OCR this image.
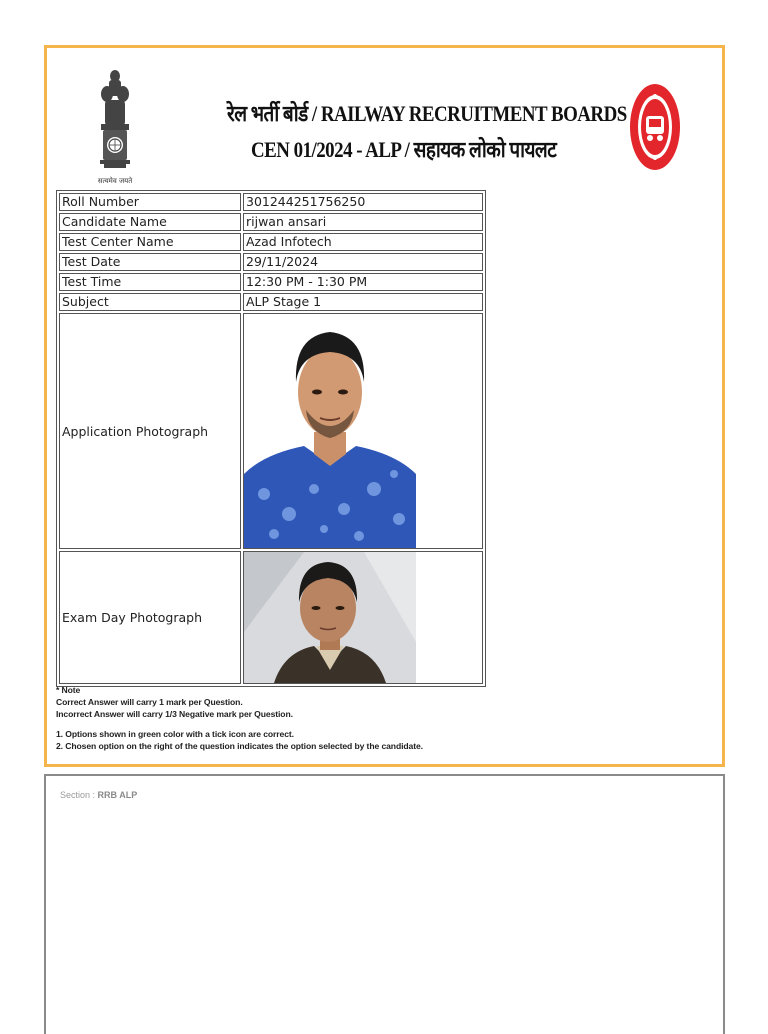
सत्यमेव जयते
रेल भर्ती बोर्ड / RAILWAY RECRUITMENT BOARDS
CEN 01/2024 - ALP / सहायक लोको पायलट
Roll Number	301244251756250
Candidate Name	rijwan ansari
Test Center Name	Azad Infotech
Test Date	29/11/2024
Test Time	12:30 PM - 1:30 PM
Subject	ALP Stage 1
Application Photograph	

Exam Day Photograph	
* Note
Correct Answer will carry 1 mark per Question.
Incorrect Answer will carry 1/3 Negative mark per Question.
1. Options shown in green color with a tick icon are correct.
2. Chosen option on the right of the question indicates the option selected by the candidate.
Section : RRB ALP
